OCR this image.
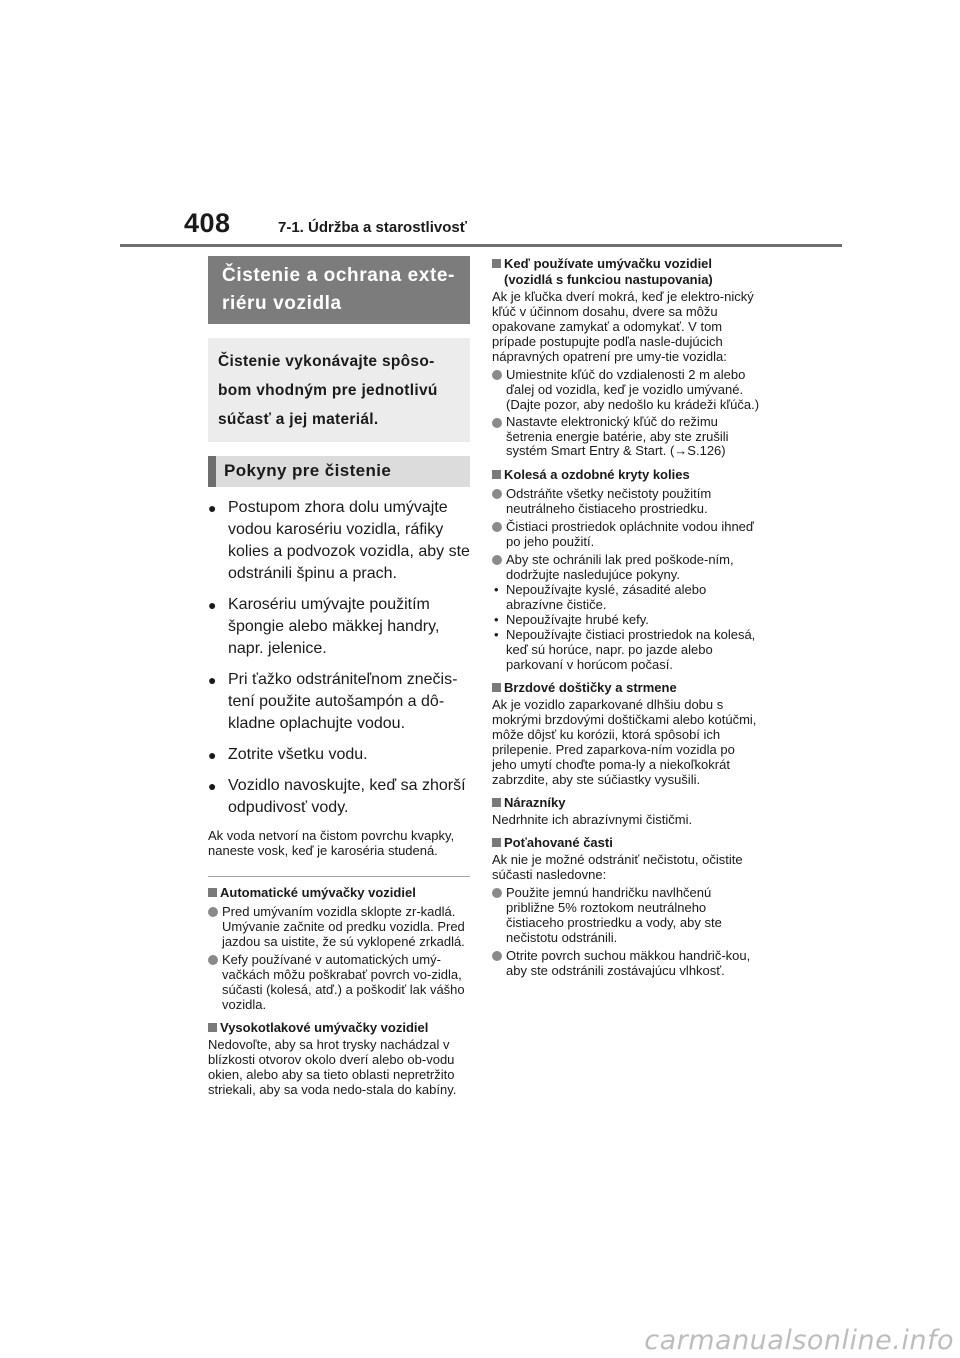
408	7-1. Údržba a starostlivosť
Čistenie a ochrana exte-riéru vozidla
Čistenie vykonávajte spôso-bom vhodným pre jednotlivú súčasť a jej materiál.
Pokyny pre čistenie
● Postupom zhora dolu umývajte vodou karosériu vozidla, ráfiky kolies a podvozok vozidla, aby ste odstránili špinu a prach.
● Karosériu umývajte použitím špongie alebo mäkkej handry, napr. jelenice.
● Pri ťažko odstrániteľnom znečis-tení použite autošampón a dô-kladne oplachujte vodou.
● Zotrite všetku vodu.
● Vozidlo navoskujte, keď sa zhorší odpudivosť vody.
Ak voda netvorí na čistom povrchu kvapky, naneste vosk, keď je karoséria studená.
Automatické umývačky vozidiel
Pred umývaním vozidla sklopte zr-kadlá. Umývanie začnite od predku vozidla. Pred jazdou sa uistite, že sú vyklopené zrkadlá.
Kefy používané v automatických umý-vačkách môžu poškrabať povrch vo-zidla, súčasti (kolesá, atď.) a poškodiť lak vášho vozidla.
Vysokotlakové umývačky vozidiel
Nedovoľte, aby sa hrot trysky nachádzal v blízkosti otvorov okolo dverí alebo ob-vodu okien, alebo aby sa tieto oblasti nepretržito striekali, aby sa voda nedo-stala do kabíny.
Keď používate umývačku vozidiel (vozidlá s funkciou nastupovania)
Ak je kľučka dverí mokrá, keď je elektro-nický kľúč v účinnom dosahu, dvere sa môžu opakovane zamykať a odomykať. V tom prípade postupujte podľa nasle-dujúcich nápravných opatrení pre umy-tie vozidla:
Umiestnite kľúč do vzdialenosti 2 m alebo ďalej od vozidla, keď je vozidlo umývané. (Dajte pozor, aby nedošlo ku krádeži kľúča.)
Nastavte elektronický kľúč do režimu šetrenia energie batérie, aby ste zrušili systém Smart Entry & Start. (→S.126)
Kolesá a ozdobné kryty kolies
Odstráňte všetky nečistoty použitím neutrálneho čistiaceho prostriedku.
Čistiaci prostriedok opláchnite vodou ihneď po jeho použití.
Aby ste ochránili lak pred poškode-ním, dodržujte nasledujúce pokyny.
• Nepoužívajte kyslé, zásadité alebo abrazívne čističe.
• Nepoužívajte hrubé kefy.
• Nepoužívajte čistiaci prostriedok na kolesá, keď sú horúce, napr. po jazde alebo parkovaní v horúcom počasí.
Brzdové doštičky a strmene
Ak je vozidlo zaparkované dlhšiu dobu s mokrými brzdovými doštičkami alebo kotúčmi, môže dôjsť ku korózii, ktorá spôsobí ich prilepenie. Pred zaparkova-ním vozidla po jeho umytí choďte poma-ly a niekoľkokrát zabrzdite, aby ste súčiastky vysušili.
Nárazníky
Nedrhnite ich abrazívnymi čističmi.
Poťahované časti
Ak nie je možné odstrániť nečistotu, očistite súčasti nasledovne:
Použite jemnú handričku navlhčenú približne 5% roztokom neutrálneho čistiaceho prostriedku a vody, aby ste nečistotu odstránili.
Otrite povrch suchou mäkkou handrič-kou, aby ste odstránili zostávajúcu vlhkosť.
carmanualsonline.info
